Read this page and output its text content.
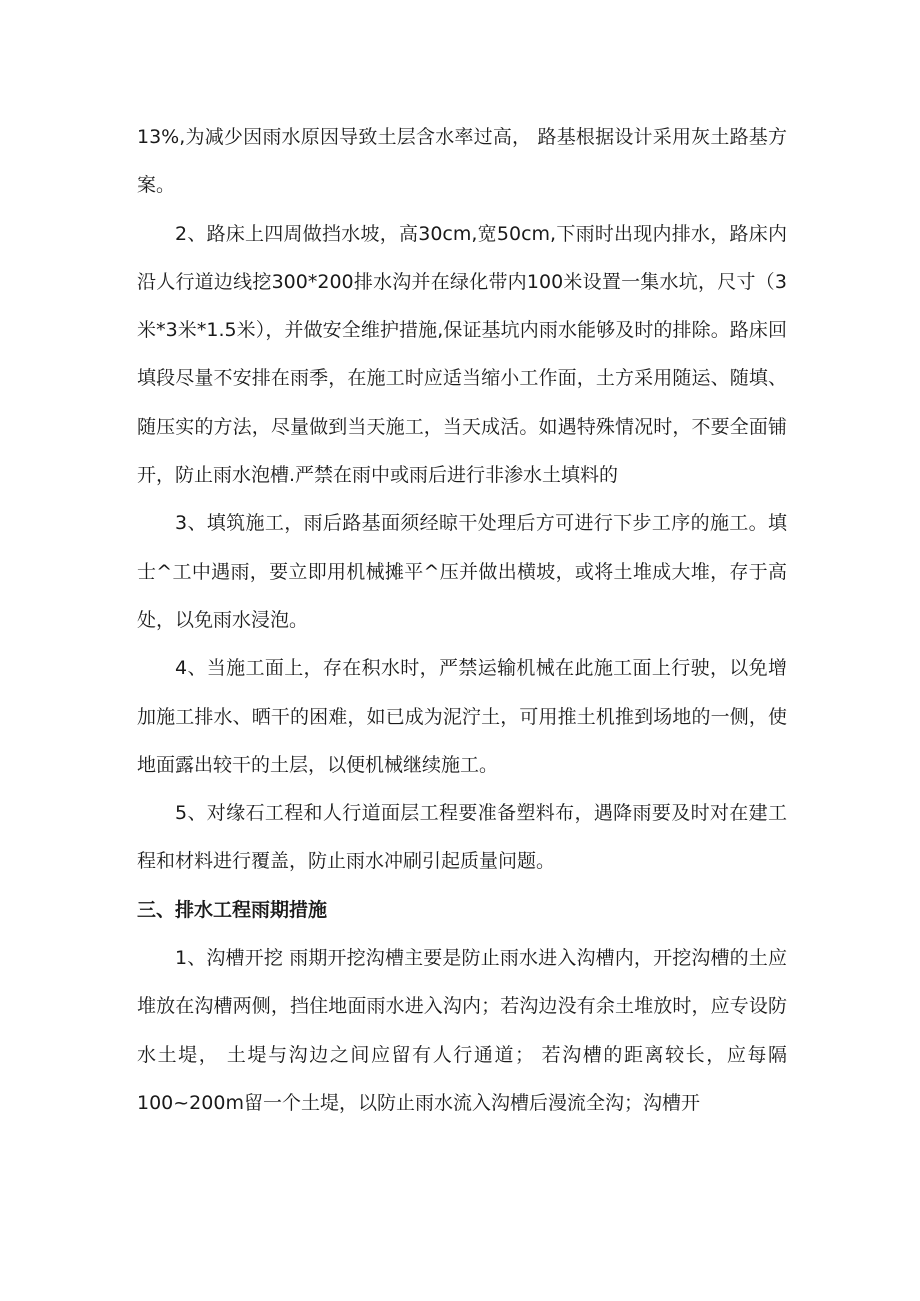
13%,为减少因雨水原因导致土层含水率过高， 路基根据设计采用灰土路基方案。

2、路床上四周做挡水坡，高30cm,宽50cm,下雨时出现内排水，路床内沿人行道边线挖300*200排水沟并在绿化带内100米设置一集水坑，尺寸（3米*3米*1.5米），并做安全维护措施,保证基坑内雨水能够及时的排除。路床回填段尽量不安排在雨季，在施工时应适当缩小工作面，土方采用随运、随填、随压实的方法，尽量做到当天施工，当天成活。如遇特殊情况时，不要全面铺开，防止雨水泡槽.严禁在雨中或雨后进行非渗水土填料的

3、填筑施工，雨后路基面须经晾干处理后方可进行下步工序的施工。填士^工中遇雨，要立即用机械摊平^压并做出横坡，或将土堆成大堆，存于高处，以免雨水浸泡。

4、当施工面上，存在积水时，严禁运输机械在此施工面上行驶，以免增加施工排水、晒干的困难，如已成为泥泞土，可用推土机推到场地的一侧，使地面露出较干的土层，以便机械继续施工。

5、对缘石工程和人行道面层工程要准备塑料布，遇降雨要及时对在建工程和材料进行覆盖，防止雨水冲刷引起质量问题。

三、排水工程雨期措施

1、沟槽开挖 雨期开挖沟槽主要是防止雨水进入沟槽内，开挖沟槽的土应堆放在沟槽两侧，挡住地面雨水进入沟内；若沟边没有余土堆放时，应专设防水土堤， 土堤与沟边之间应留有人行通道； 若沟槽的距离较长，应每隔100~200m留一个土堤，以防止雨水流入沟槽后漫流全沟；沟槽开
